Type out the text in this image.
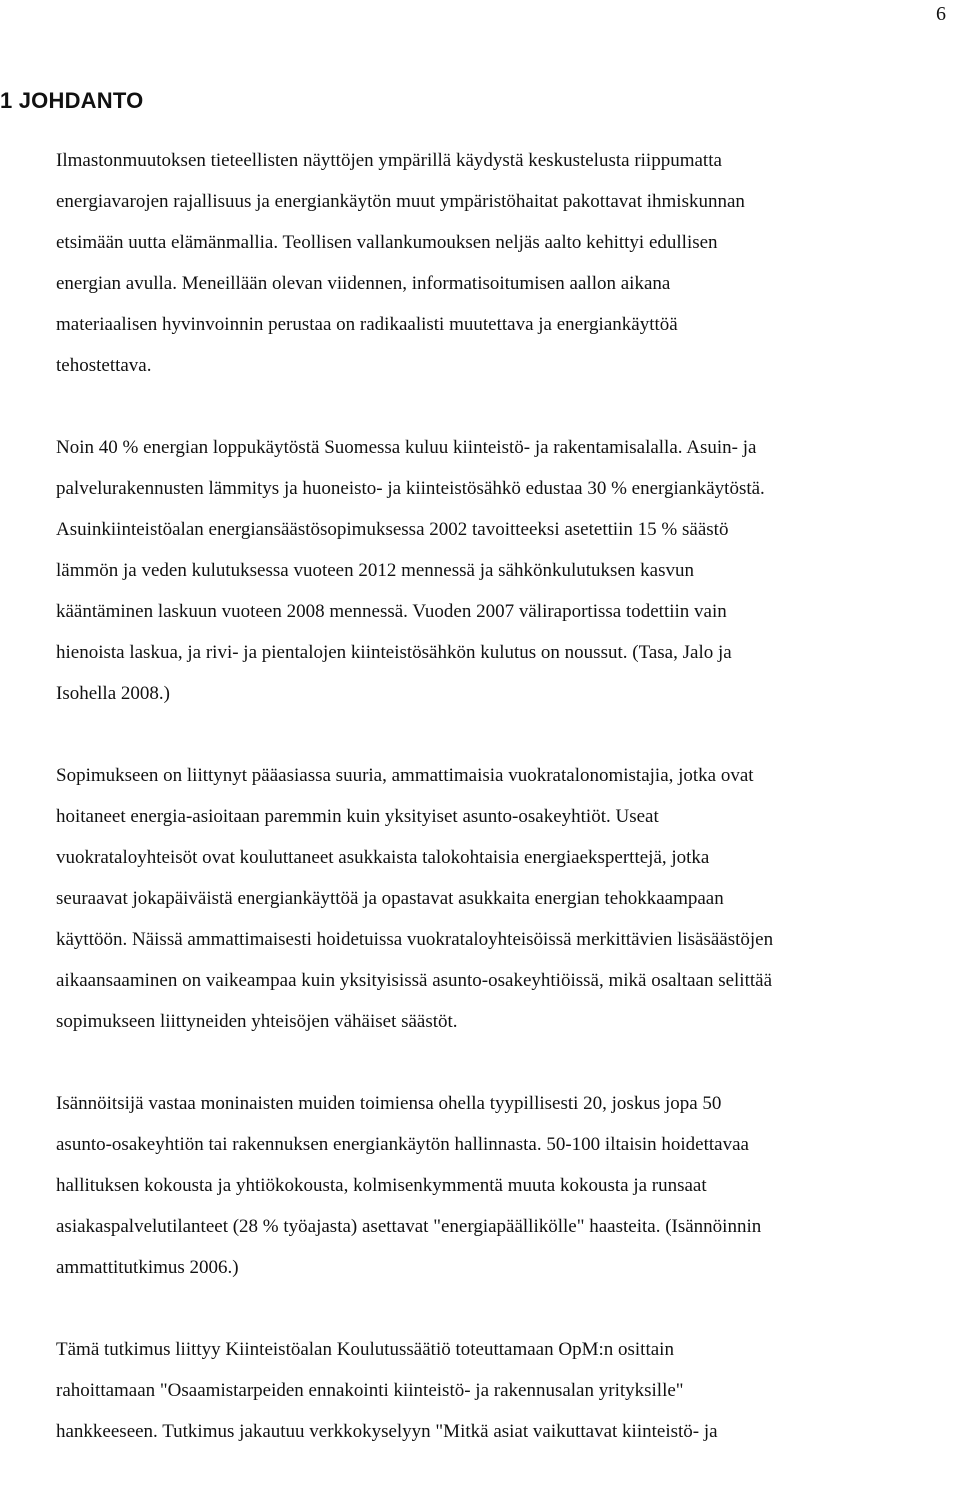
6
1 JOHDANTO

Ilmastonmuutoksen tieteellisten näyttöjen ympärillä käydystä keskustelusta riippumatta
energiavarojen rajallisuus ja energiankäytön muut ympäristöhaitat pakottavat ihmiskunnan
etsimään uutta elämänmallia. Teollisen vallankumouksen neljäs aalto kehittyi edullisen
energian avulla. Meneillään olevan viidennen, informatisoitumisen aallon aikana
materiaalisen hyvinvoinnin perustaa on radikaalisti muutettava ja energiankäyttöä
tehostettava.

Noin 40 % energian loppukäytöstä Suomessa kuluu kiinteistö- ja rakentamisalalla. Asuin- ja
palvelurakennusten lämmitys ja huoneisto- ja kiinteistösähkö edustaa 30 % energiankäytöstä.
Asuinkiinteistöalan energiansäästösopimuksessa 2002 tavoitteeksi asetettiin 15 % säästö
lämmön ja veden kulutuksessa vuoteen 2012 mennessä ja sähkönkulutuksen kasvun
kääntäminen laskuun vuoteen 2008 mennessä. Vuoden 2007 väliraportissa todettiin vain
hienoista laskua, ja rivi- ja pientalojen kiinteistösähkön kulutus on noussut. (Tasa, Jalo ja
Isohella 2008.)

Sopimukseen on liittynyt pääasiassa suuria, ammattimaisia vuokratalonomistajia, jotka ovat
hoitaneet energia-asioitaan paremmin kuin yksityiset asunto-osakeyhtiöt. Useat
vuokrataloyhteisöt ovat kouluttaneet asukkaista talokohtaisia energiaeksperttejä, jotka
seuraavat jokapäiväistä energiankäyttöä ja opastavat asukkaita energian tehokkaampaan
käyttöön. Näissä ammattimaisesti hoidetuissa vuokrataloyhteisöissä merkittävien lisäsäästöjen
aikaansaaminen on vaikeampaa kuin yksityisissä asunto-osakeyhtiöissä, mikä osaltaan selittää
sopimukseen liittyneiden yhteisöjen vähäiset säästöt.

Isännöitsijä vastaa moninaisten muiden toimiensa ohella tyypillisesti 20, joskus jopa 50
asunto-osakeyhtiön tai rakennuksen energiankäytön hallinnasta. 50-100 iltaisin hoidettavaa
hallituksen kokousta ja yhtiökokousta, kolmisenkymmentä muuta kokousta ja runsaat
asiakaspalvelutilanteet (28 % työajasta) asettavat "energiapäällikölle" haasteita. (Isännöinnin
ammattitutkimus 2006.)

Tämä tutkimus liittyy Kiinteistöalan Koulutussäätiö toteuttamaan OpM:n osittain
rahoittamaan "Osaamistarpeiden ennakointi kiinteistö- ja rakennusalan yrityksille"
hankkeeseen. Tutkimus jakautuu verkkokyselyyn "Mitkä asiat vaikuttavat kiinteistö- ja
